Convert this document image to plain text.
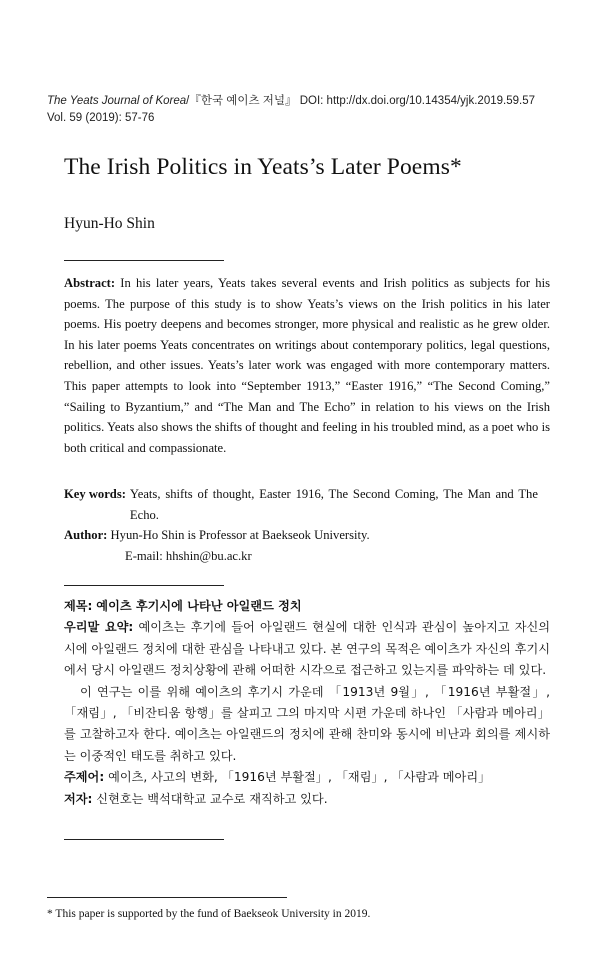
The Yeats Journal of Korea/『한국 예이츠 저널』 DOI: http://dx.doi.org/10.14354/yjk.2019.59.57
Vol. 59 (2019): 57-76
The Irish Politics in Yeats’s Later Poems*
Hyun-Ho Shin
Abstract: In his later years, Yeats takes several events and Irish politics as subjects for his poems. The purpose of this study is to show Yeats’s views on the Irish politics in his later poems. His poetry deepens and becomes stronger, more physical and realistic as he grew older. In his later poems Yeats concentrates on writings about contemporary politics, legal questions, rebellion, and other issues. Yeats’s later work was engaged with more contemporary matters. This paper attempts to look into “September 1913,” “Easter 1916,” “The Second Coming,” “Sailing to Byzantium,” and “The Man and The Echo” in relation to his views on the Irish politics. Yeats also shows the shifts of thought and feeling in his troubled mind, as a poet who is both critical and compassionate.
Key words: Yeats, shifts of thought, Easter 1916, The Second Coming, The Man and The Echo.
Author: Hyun-Ho Shin is Professor at Baekseok University.
E-mail: hhshin@bu.ac.kr

제목: 예이츠 후기시에 나타난 아일랜드 정치

우리말 요약: 예이츠는 후기에 들어 아일랜드 현실에 대한 인식과 관심이 높아지고 자신의 시에 아일랜드 정치에 대한 관심을 나타내고 있다. 본 연구의 목적은 예이츠가 자신의 후기시에서 당시 아일랜드 정치상황에 관해 어떠한 시각으로 접근하고 있는지를 파악하는 데 있다.

이 연구는 이를 위해 예이츠의 후기시 가운데 「1913년 9월」, 「1916년 부활절」, 「재림」, 「비잔티움 항행」를 살피고 그의 마지막 시편 가운데 하나인 「사람과 메아리」를 고찰하고자 한다. 예이츠는 아일랜드의 정치에 관해 찬미와 동시에 비난과 회의를 제시하는 이중적인 태도를 취하고 있다.

주제어: 예이츠, 사고의 변화, 「1916년 부활절」, 「재림」, 「사람과 메아리」

저자: 신현호는 백석대학교 교수로 재직하고 있다.

* This paper is supported by the fund of Baekseok University in 2019.
